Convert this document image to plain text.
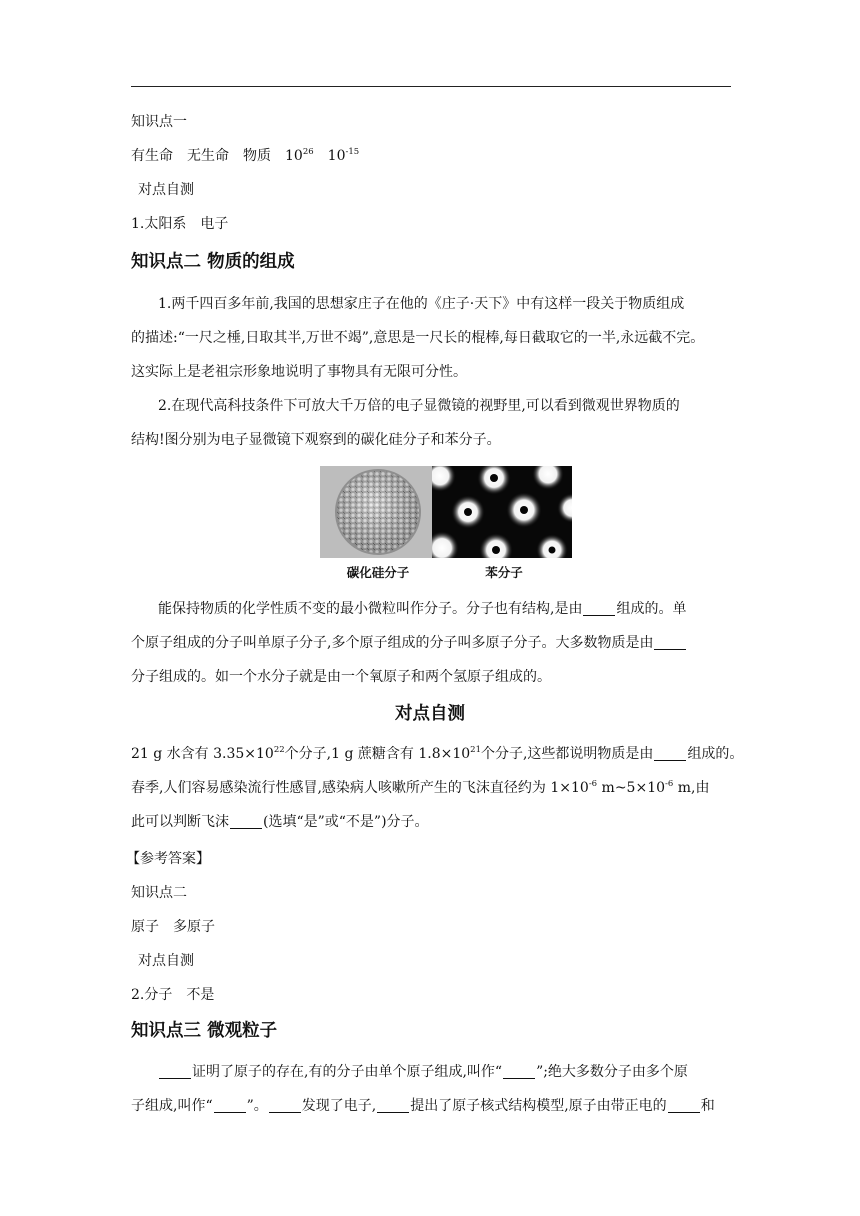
知识点一
有生命　 无生命　 物质　 $10^{26}$　 $10^{-15}$
对点自测
1.太阳系　电子
知识点二 物质的组成
1.两千四百多年前,我国的思想家庄子在他的《庄子·天下》中有这样一段关于物质组成
的描述:“一尺之棰,日取其半,万世不竭”,意思是一尺长的棍棒,每日截取它的一半,永远截不完。
这实际上是老祖宗形象地说明了事物具有无限可分性。
2.在现代高科技条件下可放大千万倍的电子显微镜的视野里,可以看到微观世界物质的
结构!图分别为电子显微镜下观察到的碳化硅分子和苯分子。
碳化硅分子	苯分子
能保持物质的化学性质不变的最小微粒叫作分子。分子也有结构,是由 组成的。单
个原子组成的分子叫单原子分子,多个原子组成的分子叫多原子分子。大多数物质是由
分子组成的。如一个水分子就是由一个氧原子和两个氢原子组成的。
对点自测
21 g 水含有 $3.35\times 10^{22}$个分子,1 g 蔗糖含有 $1.8\times 10^{21}$个分子,这些都说明物质是由 组成的。
春季,人们容易感染流行性感冒,感染病人咳嗽所产生的飞沫直径约为 $1\times 10^{-6}$ $m\sim 5\times 10^{-6}$ m,由
此可以判断飞沫 (选填“是”或“不是”)分子。
【参考答案】
知识点二
原子　多原子
对点自测
2.分子　不是
知识点三 微观粒子
证明了原子的存在,有的分子由单个原子组成,叫作“ ”;绝大多数分子由多个原
子组成,叫作“ ”。 发现了电子, 提出了原子核式结构模型,原子由带正电的 和
